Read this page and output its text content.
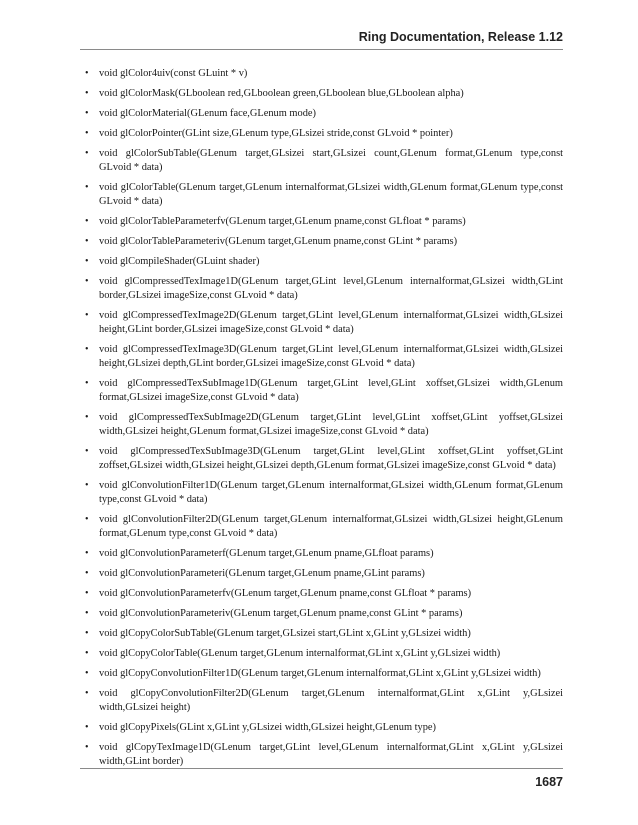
Ring Documentation, Release 1.12
• void glColor4uiv(const GLuint * v)
• void glColorMask(GLboolean red,GLboolean green,GLboolean blue,GLboolean alpha)
• void glColorMaterial(GLenum face,GLenum mode)
• void glColorPointer(GLint size,GLenum type,GLsizei stride,const GLvoid * pointer)
• void glColorSubTable(GLenum target,GLsizei start,GLsizei count,GLenum format,GLenum type,const GLvoid * data)
• void glColorTable(GLenum target,GLenum internalformat,GLsizei width,GLenum format,GLenum type,const GLvoid * data)
• void glColorTableParameterfv(GLenum target,GLenum pname,const GLfloat * params)
• void glColorTableParameteriv(GLenum target,GLenum pname,const GLint * params)
• void glCompileShader(GLuint shader)
• void glCompressedTexImage1D(GLenum target,GLint level,GLenum internalformat,GLsizei width,GLint border,GLsizei imageSize,const GLvoid * data)
• void glCompressedTexImage2D(GLenum target,GLint level,GLenum internalformat,GLsizei width,GLsizei height,GLint border,GLsizei imageSize,const GLvoid * data)
• void glCompressedTexImage3D(GLenum target,GLint level,GLenum internalformat,GLsizei width,GLsizei height,GLsizei depth,GLint border,GLsizei imageSize,const GLvoid * data)
• void glCompressedTexSubImage1D(GLenum target,GLint level,GLint xoffset,GLsizei width,GLenum format,GLsizei imageSize,const GLvoid * data)
• void glCompressedTexSubImage2D(GLenum target,GLint level,GLint xoffset,GLint yoffset,GLsizei width,GLsizei height,GLenum format,GLsizei imageSize,const GLvoid * data)
• void glCompressedTexSubImage3D(GLenum target,GLint level,GLint xoffset,GLint yoffset,GLint zoffset,GLsizei width,GLsizei height,GLsizei depth,GLenum format,GLsizei imageSize,const GLvoid * data)
• void glConvolutionFilter1D(GLenum target,GLenum internalformat,GLsizei width,GLenum format,GLenum type,const GLvoid * data)
• void glConvolutionFilter2D(GLenum target,GLenum internalformat,GLsizei width,GLsizei height,GLenum format,GLenum type,const GLvoid * data)
• void glConvolutionParameterf(GLenum target,GLenum pname,GLfloat params)
• void glConvolutionParameteri(GLenum target,GLenum pname,GLint params)
• void glConvolutionParameterfv(GLenum target,GLenum pname,const GLfloat * params)
• void glConvolutionParameteriv(GLenum target,GLenum pname,const GLint * params)
• void glCopyColorSubTable(GLenum target,GLsizei start,GLint x,GLint y,GLsizei width)
• void glCopyColorTable(GLenum target,GLenum internalformat,GLint x,GLint y,GLsizei width)
• void glCopyConvolutionFilter1D(GLenum target,GLenum internalformat,GLint x,GLint y,GLsizei width)
• void glCopyConvolutionFilter2D(GLenum target,GLenum internalformat,GLint x,GLint y,GLsizei width,GLsizei height)
• void glCopyPixels(GLint x,GLint y,GLsizei width,GLsizei height,GLenum type)
• void glCopyTexImage1D(GLenum target,GLint level,GLenum internalformat,GLint x,GLint y,GLsizei width,GLint border)
1687
